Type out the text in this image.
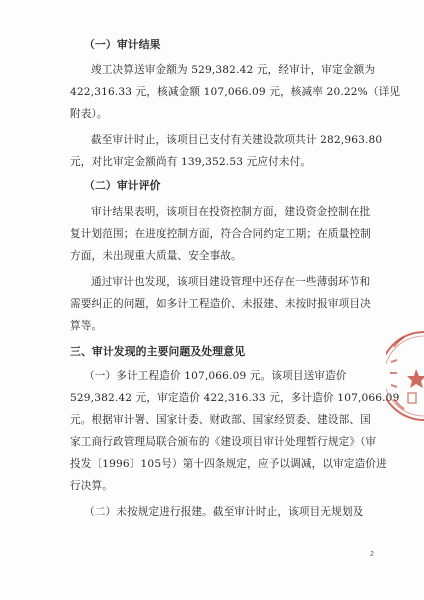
（一）审计结果
竣工决算送审金额为 529,382.42 元，经审计，审定金额为
422,316.33 元，核减金额 107,066.09 元，核减率 20.22%（详见
附表）。
截至审计时止，该项目已支付有关建设款项共计 282,963.80
元，对比审定金额尚有 139,352.53 元应付未付。
（二）审计评价
审计结果表明，该项目在投资控制方面，建设资金控制在批
复计划范围；在进度控制方面，符合合同约定工期；在质量控制
方面，未出现重大质量、安全事故。
通过审计也发现，该项目建设管理中还存在一些薄弱环节和
需要纠正的问题，如多计工程造价、未报建、未按时报审项目决
算等。
三、审计发现的主要问题及处理意见
（一）多计工程造价 107,066.09 元。该项目送审造价
529,382.42 元，审定造价 422,316.33 元，多计造价 107,066.09
元。根据审计署、国家计委、财政部、国家经贸委、建设部、国
家工商行政管理局联合颁布的《建设项目审计处理暂行规定》（审
投发〔1996〕105号）第十四条规定，应予以调减，以审定造价进
行决算。
（二）未按规定进行报建。截至审计时止，该项目无规划及
2
